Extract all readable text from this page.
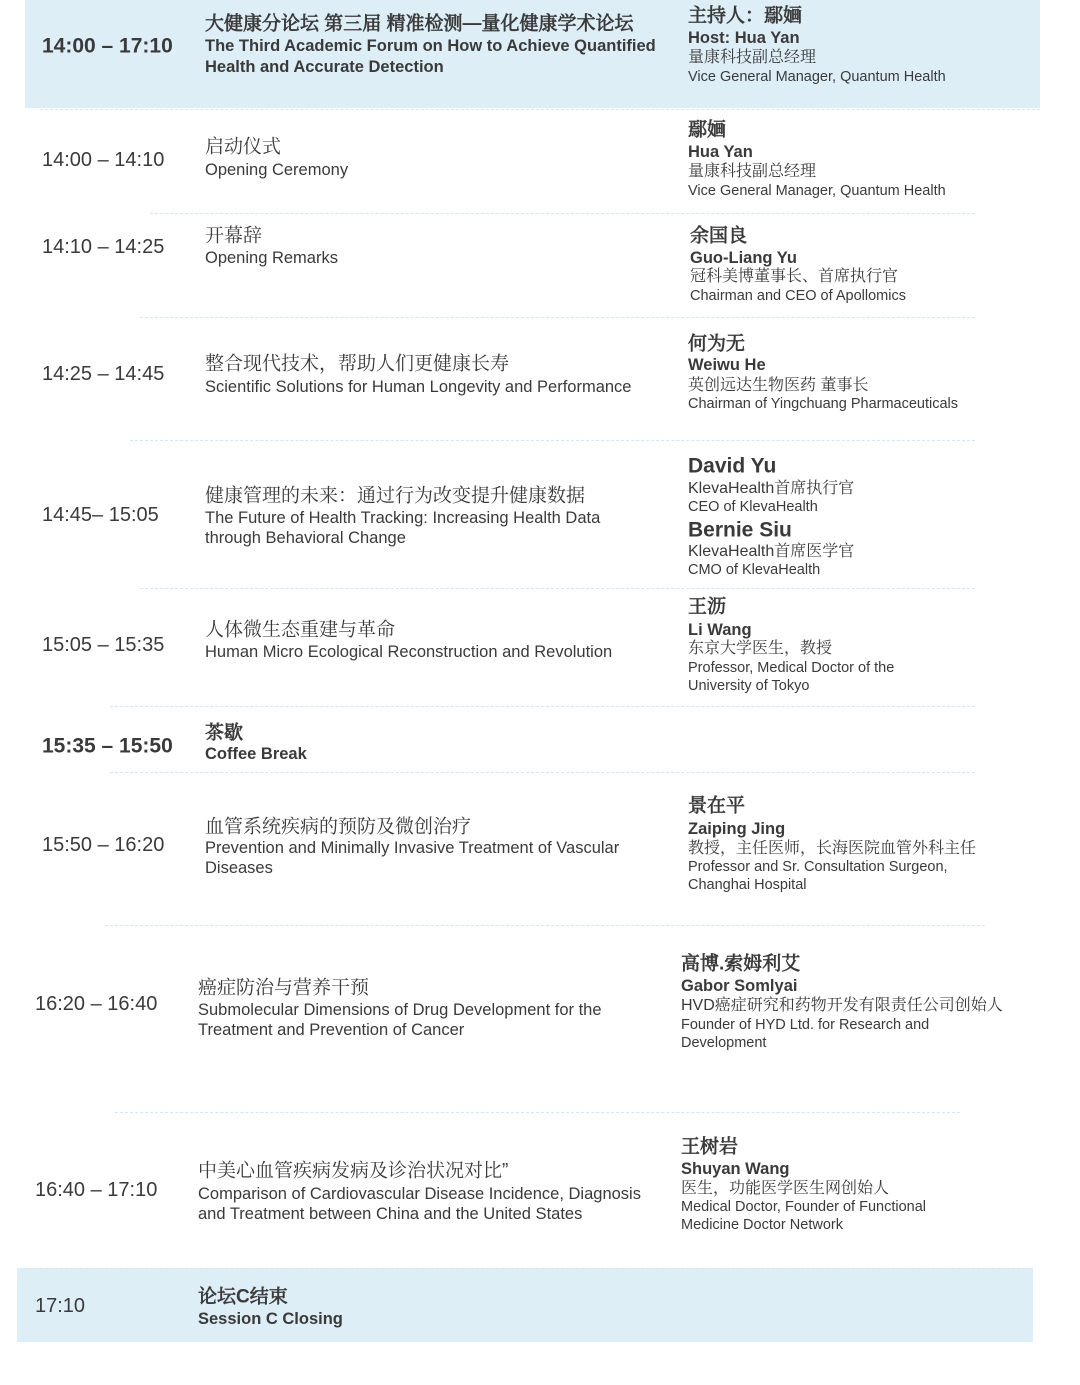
14:00 – 17:10
大健康分论坛 第三届 精准检测—量化健康学术论坛
The Third Academic Forum on How to Achieve Quantified
Health and Accurate Detection
主持人：鄢婳
Host: Hua Yan
量康科技副总经理
Vice General Manager, Quantum Health
14:00 – 14:10
启动仪式
Opening Ceremony
鄢婳
Hua Yan
量康科技副总经理
Vice General Manager, Quantum Health
14:10 – 14:25 开幕辞
Opening Remarks
余国良
Guo-Liang Yu
冠科美博董事长、首席执行官
Chairman and CEO of Apollomics
14:25 – 14:45 整合现代技术，帮助人们更健康长寿
Scientific Solutions for Human Longevity and Performance
何为无
Weiwu He
英创远达生物医药 董事长
Chairman of Yingchuang Pharmaceuticals
14:45– 15:05
健康管理的未来：通过行为改变提升健康数据
The Future of Health Tracking: Increasing Health Data
through Behavioral Change
David Yu
KlevaHealth首席执行官
CEO of KlevaHealth
Bernie Siu
KlevaHealth首席医学官
CMO of KlevaHealth
15:05 – 15:35
人体微生态重建与革命
Human Micro Ecological Reconstruction and Revolution
王沥
Li Wang
东京大学医生，教授
Professor, Medical Doctor of the
University of Tokyo
15:35 – 15:50
茶歇
Coffee Break
15:50 – 16:20
血管系统疾病的预防及微创治疗
Prevention and Minimally Invasive Treatment of Vascular
Diseases
景在平
Zaiping Jing
教授，主任医师，长海医院血管外科主任
Professor and Sr. Consultation Surgeon,
Changhai Hospital
16:20 – 16:40
癌症防治与营养干预
Submolecular Dimensions of Drug Development for the
Treatment and Prevention of Cancer
高博.索姆利艾
Gabor Somlyai
HVD癌症研究和药物开发有限责任公司创始人
Founder of HYD Ltd. for Research and
Development
16:40 – 17:10
中美心血管疾病发病及诊治状况对比”
Comparison of Cardiovascular Disease Incidence, Diagnosis
and Treatment between China and the United States
王树岩
Shuyan Wang
医生，功能医学医生网创始人
Medical Doctor, Founder of Functional
Medicine Doctor Network
17:10	论坛C结束
Session C Closing
